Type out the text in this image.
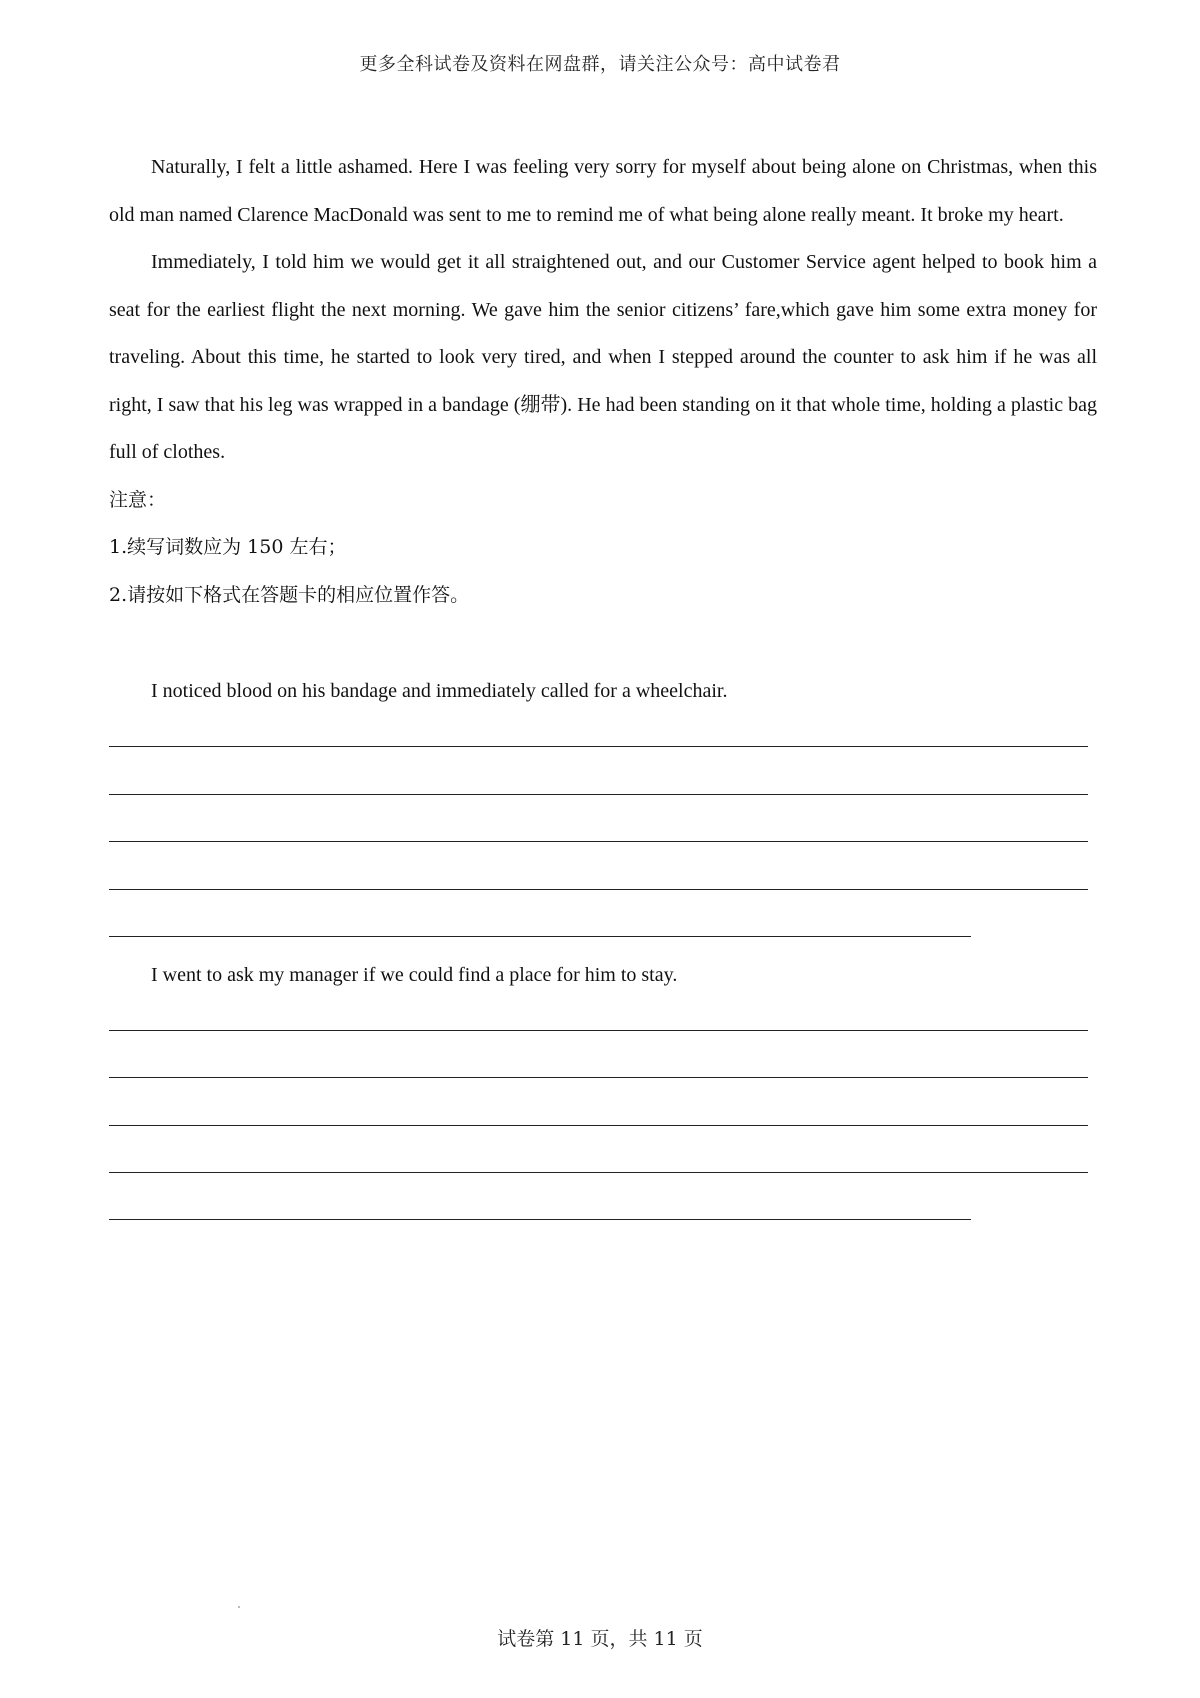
更多全科试卷及资料在网盘群，请关注公众号：高中试卷君

Naturally, I felt a little ashamed. Here I was feeling very sorry for myself about being alone on Christmas, when this old man named Clarence MacDonald was sent to me to remind me of what being alone really meant. It broke my heart.

Immediately, I told him we would get it all straightened out, and our Customer Service agent helped to book him a seat for the earliest flight the next morning. We gave him the senior citizens’ fare,which gave him some extra money for traveling. About this time, he started to look very tired, and when I stepped around the counter to ask him if he was all right, I saw that his leg was wrapped in a bandage (绷带). He had been standing on it that whole time, holding a plastic bag full of clothes.

注意：

1.续写词数应为 150 左右；

2.请按如下格式在答题卡的相应位置作答。

I noticed blood on his bandage and immediately called for a wheelchair.
I went to ask my manager if we could find a place for him to stay.
试卷第 11 页，共 11 页
